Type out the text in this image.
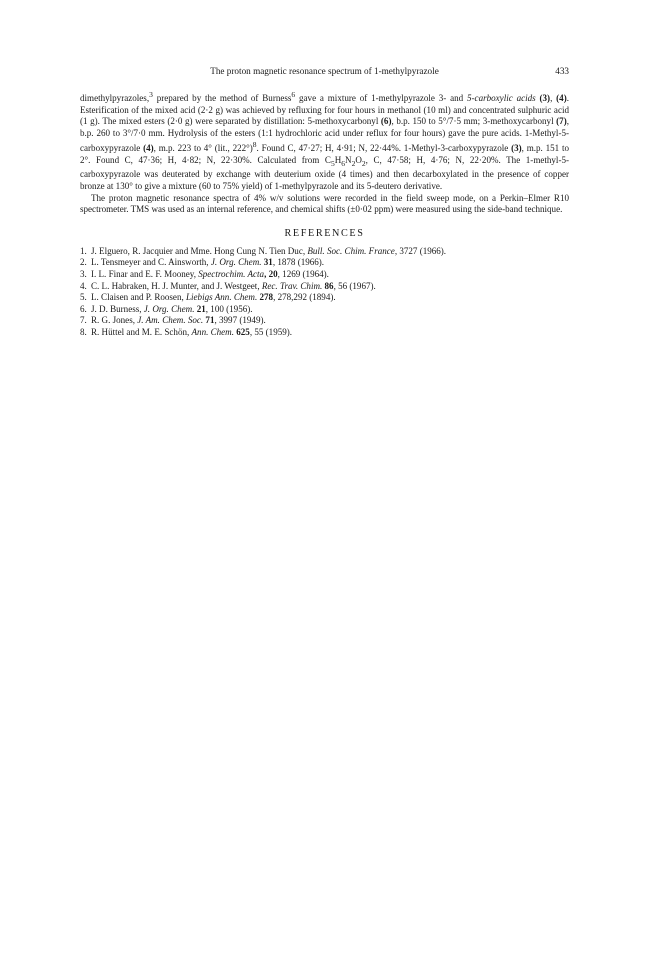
The proton magnetic resonance spectrum of 1-methylpyrazole	433

dimethylpyrazoles,$^3$ prepared by the method of Burness$^6$ gave a mixture of 1-methylpyrazole 3- and 5-carboxylic acids (3), (4). Esterification of the mixed acid (2·2 g) was achieved by refluxing for four hours in methanol (10 ml) and concentrated sulphuric acid (1 g). The mixed esters (2·0 g) were separated by distillation: 5-methoxycarbonyl (6), b.p. 150 to 5°/7·5 mm; 3-methoxycarbonyl (7), b.p. 260 to 3°/7·0 mm. Hydrolysis of the esters (1:1 hydrochloric acid under reflux for four hours) gave the pure acids. 1-Methyl-5-carboxypyrazole (4), m.p. 223 to 4° (lit., 222°)$^8$. Found C, 47·27; H, 4·91; N, 22·44%. 1-Methyl-3-carboxypyrazole (3), m.p. 151 to 2°. Found C, 47·36; H, 4·82; N, 22·30%. Calculated from $C_5H_6N_2O_2$, C, 47·58; H, 4·76; N, 22·20%. The 1-methyl-5-carboxypyrazole was deuterated by exchange with deuterium oxide (4 times) and then decarboxylated in the presence of copper bronze at 130° to give a mixture (60 to 75% yield) of 1-methylpyrazole and its 5-deutero derivative.

The proton magnetic resonance spectra of 4% w/v solutions were recorded in the field sweep mode, on a Perkin–Elmer R10 spectrometer. TMS was used as an internal reference, and chemical shifts (±0·02 ppm) were measured using the side-band technique.

REFERENCES
1. J. Elguero, R. Jacquier and Mme. Hong Cung N. Tien Duc, Bull. Soc. Chim. France, 3727 (1966).
2. L. Tensmeyer and C. Ainsworth, J. Org. Chem. 31, 1878 (1966).
3. I. L. Finar and E. F. Mooney, Spectrochim. Acta, 20, 1269 (1964).
4. C. L. Habraken, H. J. Munter, and J. Westgeet, Rec. Trav. Chim. 86, 56 (1967).
5. L. Claisen and P. Roosen, Liebigs Ann. Chem. 278, 278,292 (1894).
6. J. D. Burness, J. Org. Chem. 21, 100 (1956).
7. R. G. Jones, J. Am. Chem. Soc. 71, 3997 (1949).
8. R. Hüttel and M. E. Schön, Ann. Chem. 625, 55 (1959).
